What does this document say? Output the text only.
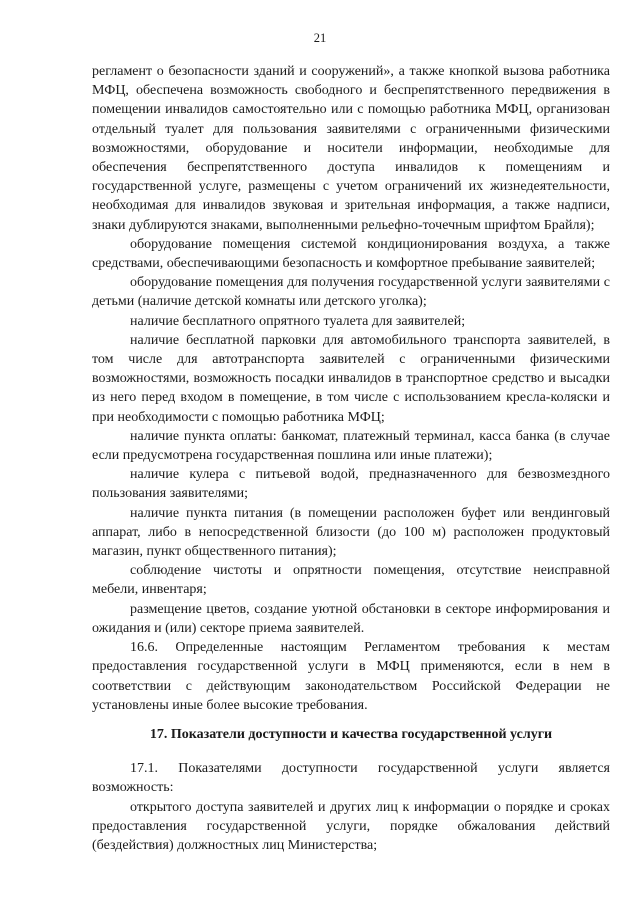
21

регламент о безопасности зданий и сооружений», а также кнопкой вызова работника МФЦ, обеспечена возможность свободного и беспрепятственного передвижения в помещении инвалидов самостоятельно или с помощью работника МФЦ, организован отдельный туалет для пользования заявителями с ограниченными физическими возможностями, оборудование и носители информации, необходимые для обеспечения беспрепятственного доступа инвалидов к помещениям и государственной услуге, размещены с учетом ограничений их жизнедеятельности, необходимая для инвалидов звуковая и зрительная информация, а также надписи, знаки дублируются знаками, выполненными рельефно-точечным шрифтом Брайля);

оборудование помещения системой кондиционирования воздуха, а также средствами, обеспечивающими безопасность и комфортное пребывание заявителей;

оборудование помещения для получения государственной услуги заявителями с детьми (наличие детской комнаты или детского уголка);

наличие бесплатного опрятного туалета для заявителей;

наличие бесплатной парковки для автомобильного транспорта заявителей, в том числе для автотранспорта заявителей с ограниченными физическими возможностями, возможность посадки инвалидов в транспортное средство и высадки из него перед входом в помещение, в том числе с использованием кресла-коляски и при необходимости с помощью работника МФЦ;

наличие пункта оплаты: банкомат, платежный терминал, касса банка (в случае если предусмотрена государственная пошлина или иные платежи);

наличие кулера с питьевой водой, предназначенного для безвозмездного пользования заявителями;

наличие пункта питания (в помещении расположен буфет или вендинговый аппарат, либо в непосредственной близости (до 100 м) расположен продуктовый магазин, пункт общественного питания);

соблюдение чистоты и опрятности помещения, отсутствие неисправной мебели, инвентаря;

размещение цветов, создание уютной обстановки в секторе информирования и ожидания и (или) секторе приема заявителей.

16.6. Определенные настоящим Регламентом требования к местам предоставления государственной услуги в МФЦ применяются, если в нем в соответствии с действующим законодательством Российской Федерации не установлены иные более высокие требования.

17. Показатели доступности и качества государственной услуги

17.1. Показателями доступности государственной услуги является возможность:

открытого доступа заявителей и других лиц к информации о порядке и сроках предоставления государственной услуги, порядке обжалования действий (бездействия) должностных лиц Министерства;
